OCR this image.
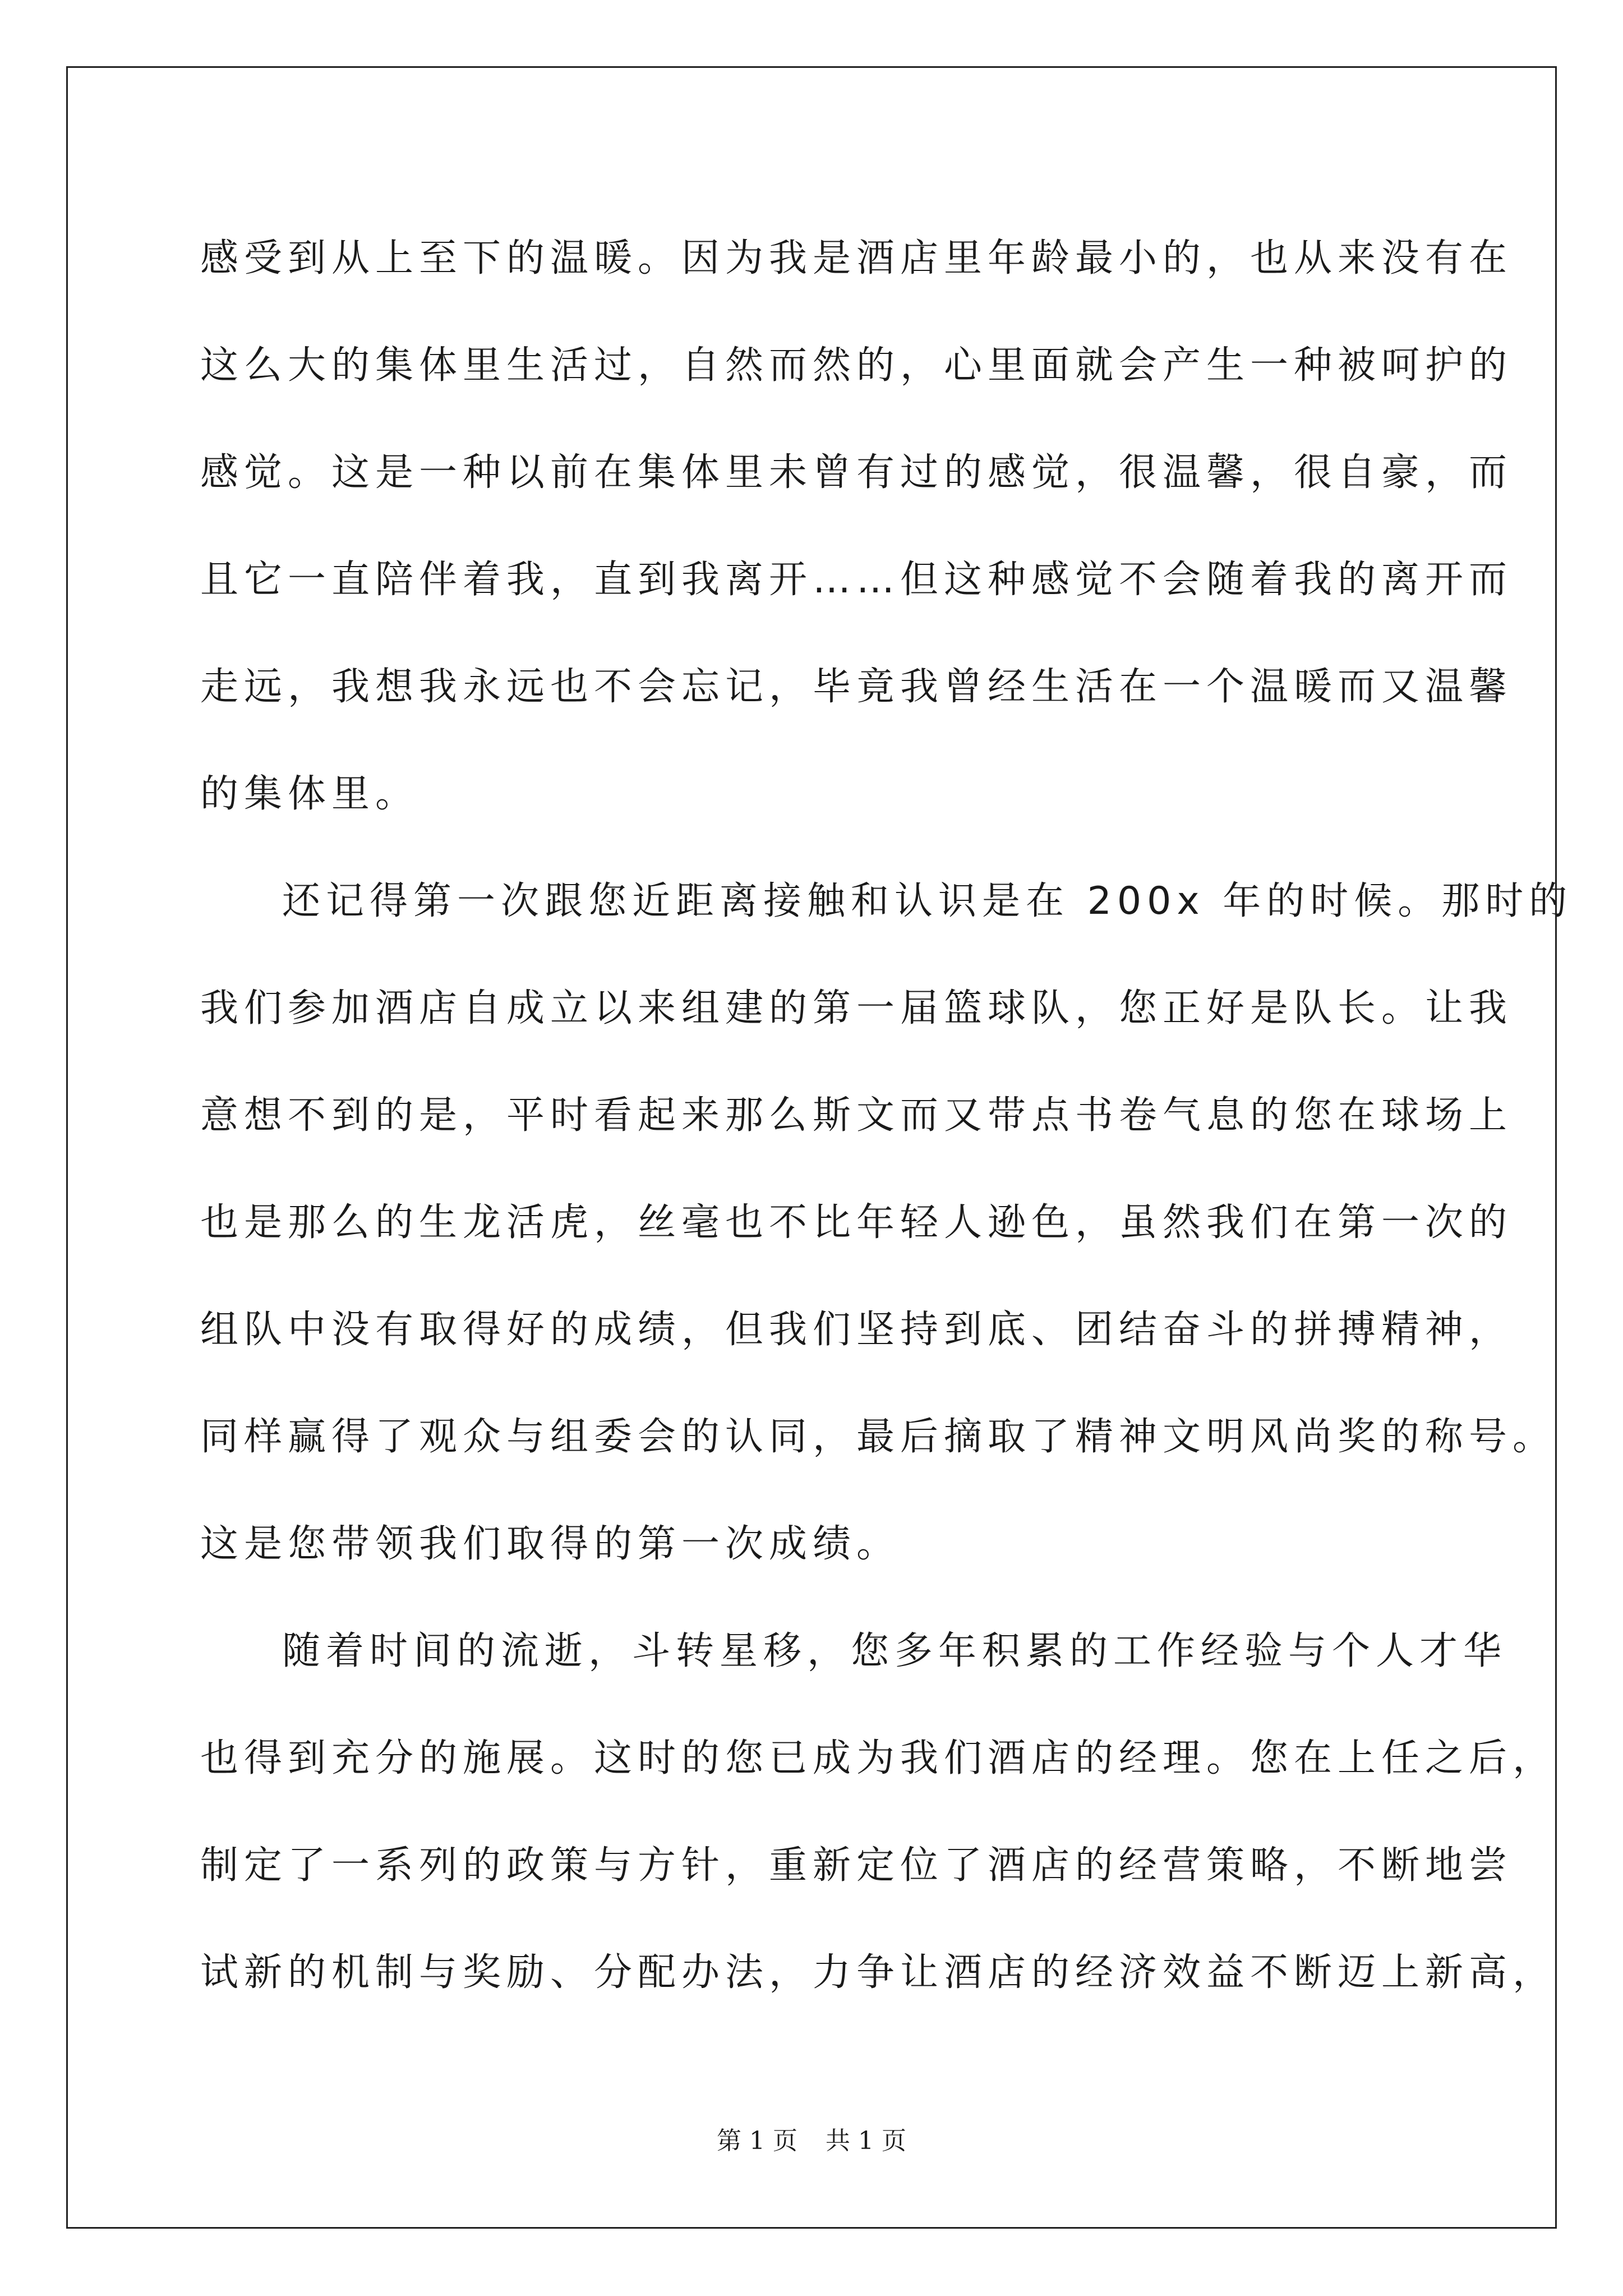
感受到从上至下的温暖。因为我是酒店里年龄最小的，也从来没有在
这么大的集体里生活过，自然而然的，心里面就会产生一种被呵护的
感觉。这是一种以前在集体里未曾有过的感觉，很温馨，很自豪，而
且它一直陪伴着我，直到我离开……但这种感觉不会随着我的离开而
走远，我想我永远也不会忘记，毕竟我曾经生活在一个温暖而又温馨
的集体里。
还记得第一次跟您近距离接触和认识是在 200x 年的时候。那时的
我们参加酒店自成立以来组建的第一届篮球队，您正好是队长。让我
意想不到的是，平时看起来那么斯文而又带点书卷气息的您在球场上
也是那么的生龙活虎，丝毫也不比年轻人逊色，虽然我们在第一次的
组队中没有取得好的成绩，但我们坚持到底、团结奋斗的拼搏精神，
同样赢得了观众与组委会的认同，最后摘取了精神文明风尚奖的称号。
这是您带领我们取得的第一次成绩。
随着时间的流逝，斗转星移，您多年积累的工作经验与个人才华
也得到充分的施展。这时的您已成为我们酒店的经理。您在上任之后，
制定了一系列的政策与方针，重新定位了酒店的经营策略，不断地尝
试新的机制与奖励、分配办法，力争让酒店的经济效益不断迈上新高，
第 1 页 共 1 页
